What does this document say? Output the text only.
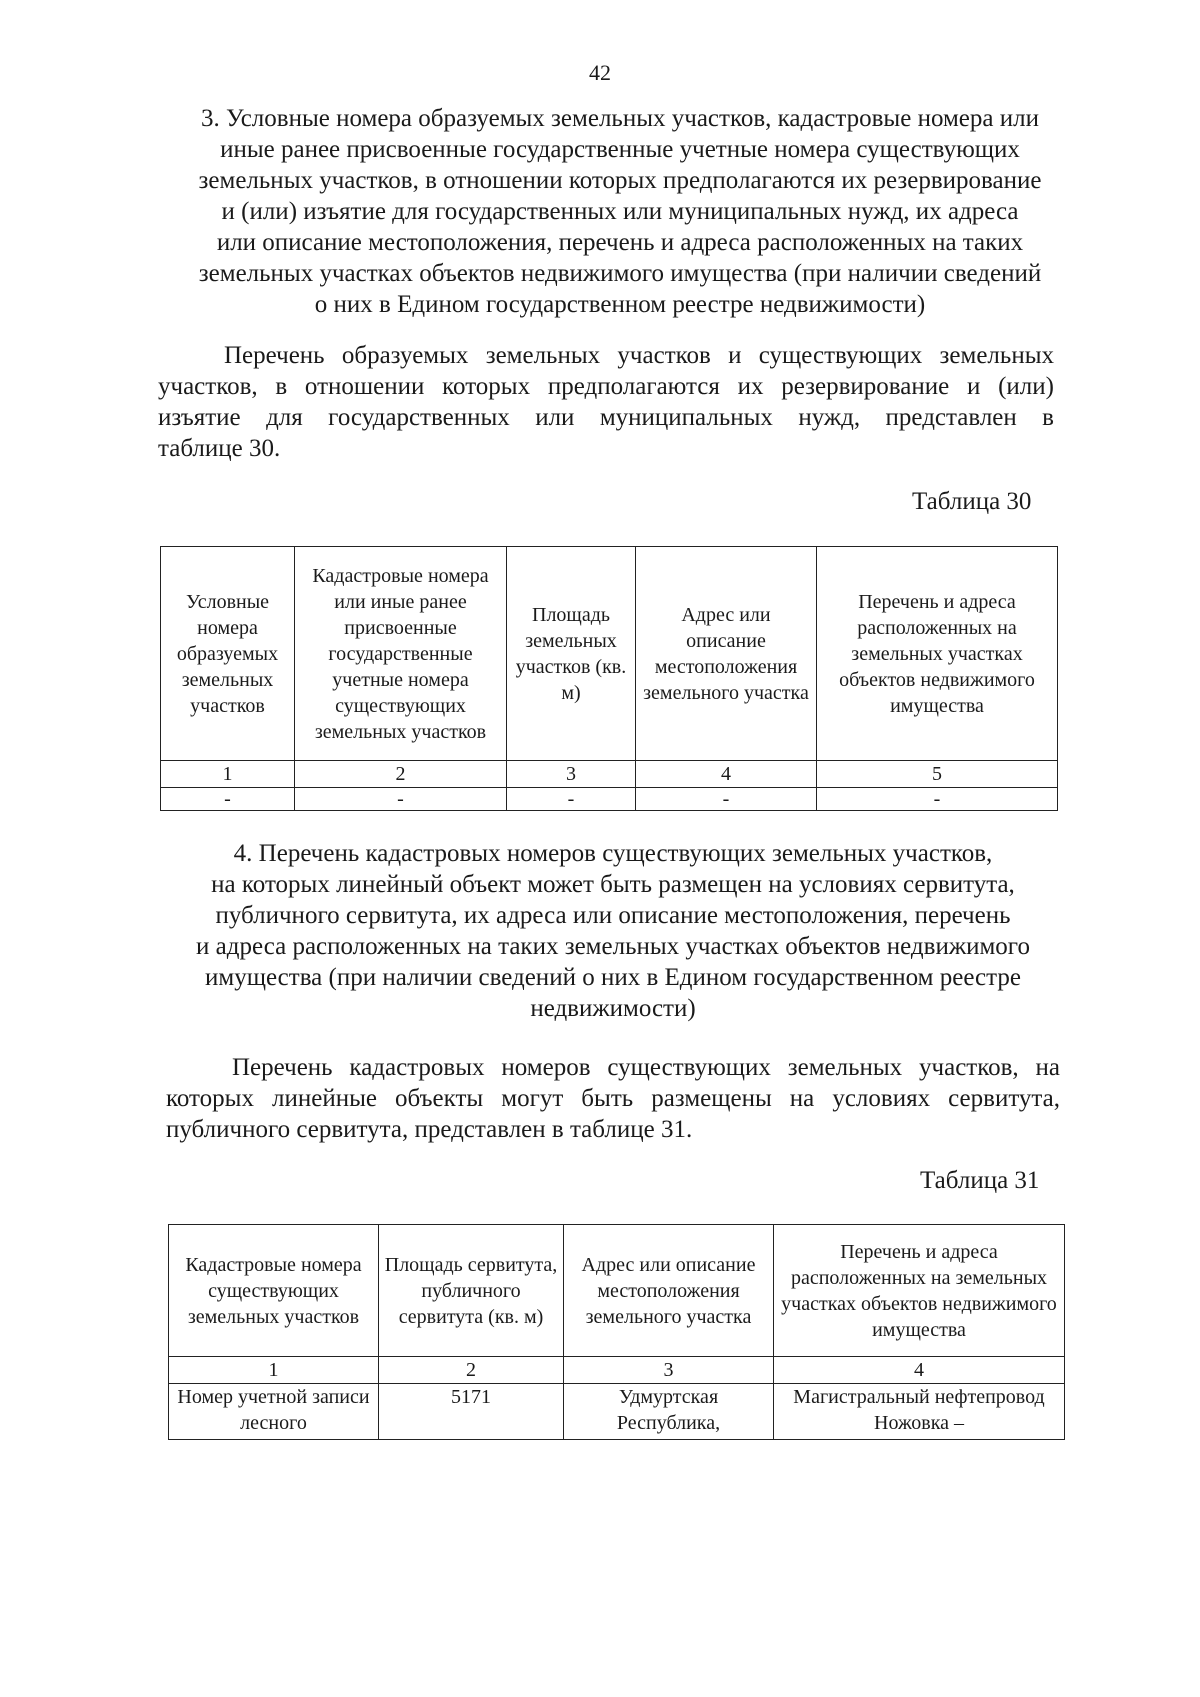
42
3. Условные номера образуемых земельных участков, кадастровые номера или
иные ранее присвоенные государственные учетные номера существующих
земельных участков, в отношении которых предполагаются их резервирование
и (или) изъятие для государственных или муниципальных нужд, их адреса
или описание местоположения, перечень и адреса расположенных на таких
земельных участках объектов недвижимого имущества (при наличии сведений
о них в Едином государственном реестре недвижимости)
Перечень образуемых земельных участков и существующих земельных
участков, в отношении которых предполагаются их резервирование и (или)
изъятие для государственных или муниципальных нужд, представлен в
таблице 30.
Таблица 30
Условные номера образуемых земельных участков	Кадастровые номера или иные ранее присвоенные государственные учетные номера существующих земельных участков	Площадь земельных участков (кв. м)	Адрес или описание местоположения земельного участка	Перечень и адреса расположенных на земельных участках объектов недвижимого имущества
1	2	3	4	5
-	-	-	-	-
4. Перечень кадастровых номеров существующих земельных участков,
на которых линейный объект может быть размещен на условиях сервитута,
публичного сервитута, их адреса или описание местоположения, перечень
и адреса расположенных на таких земельных участках объектов недвижимого
имущества (при наличии сведений о них в Едином государственном реестре
недвижимости)
Перечень кадастровых номеров существующих земельных участков, на
которых линейные объекты могут быть размещены на условиях сервитута,
публичного сервитута, представлен в таблице 31.
Таблица 31
Кадастровые номера существующих земельных участков	Площадь сервитута, публичного сервитута (кв. м)	Адрес или описание местоположения земельного участка	Перечень и адреса расположенных на земельных участках объектов недвижимого имущества
1	2	3	4
Номер учетной записи лесного	5171	Удмуртская Республика,	Магистральный нефтепровод Ножовка –
